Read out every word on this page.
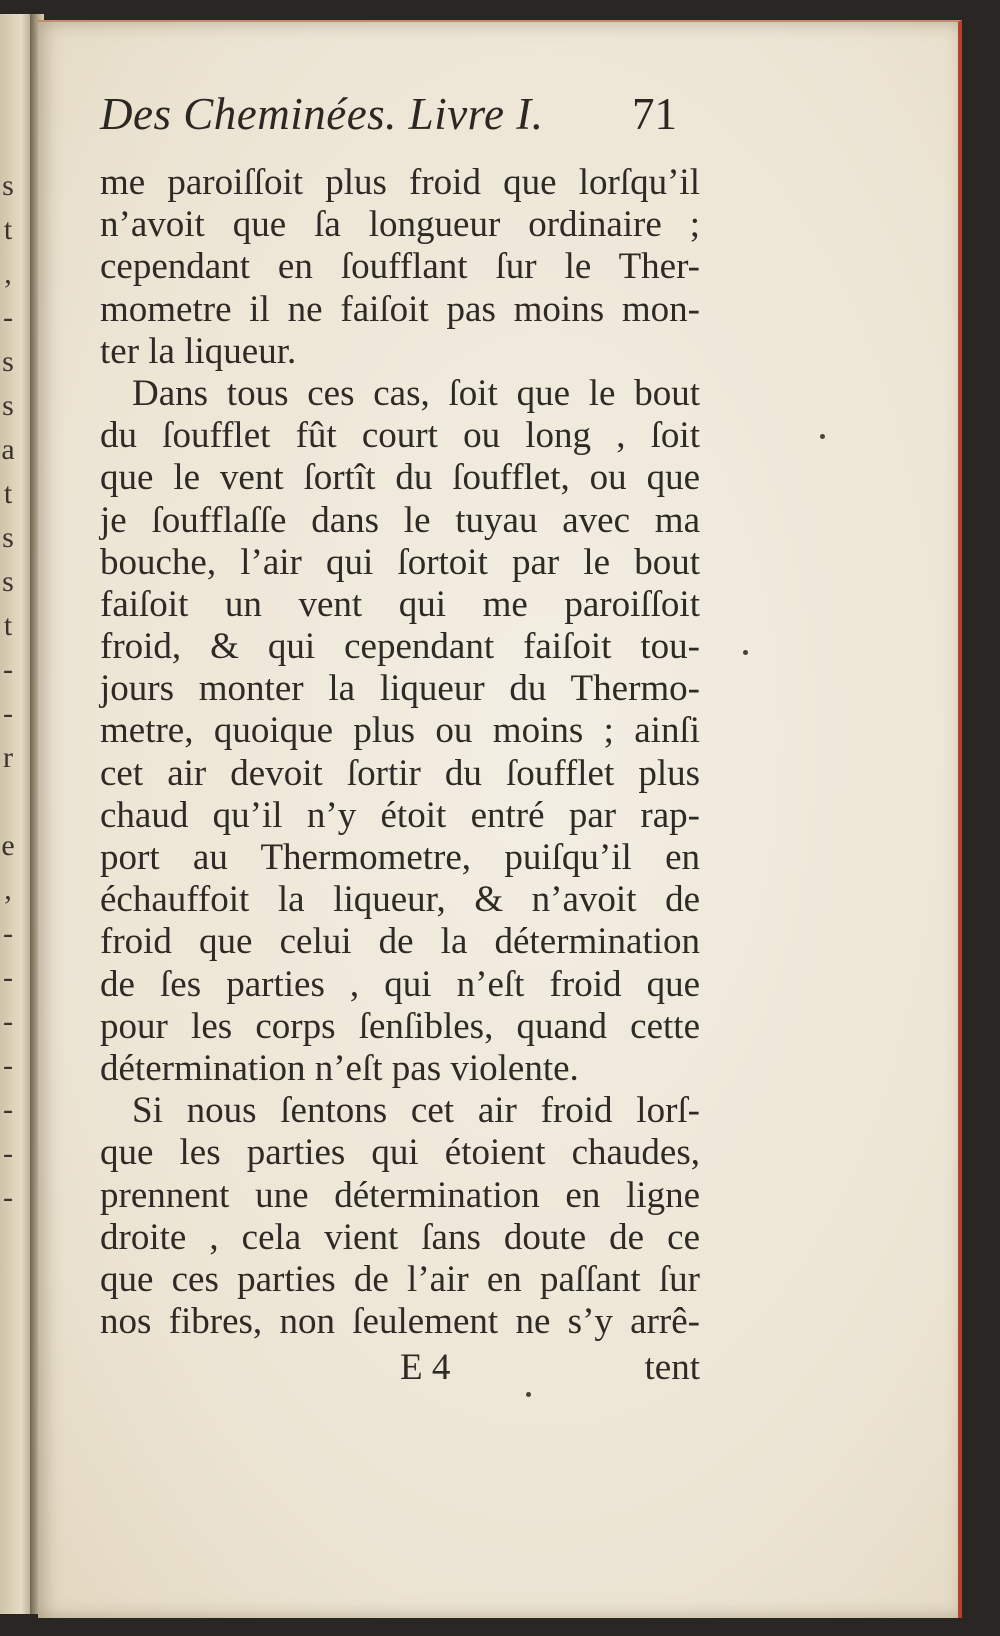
s
t
,
-
s
s
a
t
s
s
t
-
-
r
e
,
-
-
-
-
-
-
-
Des Cheminées. Livre I. 71
me paroiſſoit plus froid que lorſqu’il
n’avoit que ſa longueur ordinaire ;
cependant en ſoufflant ſur le Ther-
mometre il ne faiſoit pas moins mon-
ter la liqueur.
Dans tous ces cas, ſoit que le bout
du ſoufflet fût court ou long , ſoit
que le vent ſortît du ſoufflet, ou que
je ſoufflaſſe dans le tuyau avec ma
bouche, l’air qui ſortoit par le bout
faiſoit un vent qui me paroiſſoit
froid, & qui cependant faiſoit tou-
jours monter la liqueur du Thermo-
metre, quoique plus ou moins ; ainſi
cet air devoit ſortir du ſoufflet plus
chaud qu’il n’y étoit entré par rap-
port au Thermometre, puiſqu’il en
échauffoit la liqueur, & n’avoit de
froid que celui de la détermination
de ſes parties , qui n’eſt froid que
pour les corps ſenſibles, quand cette
détermination n’eſt pas violente.
Si nous ſentons cet air froid lorſ-
que les parties qui étoient chaudes,
prennent une détermination en ligne
droite , cela vient ſans doute de ce
que ces parties de l’air en paſſant ſur
nos fibres, non ſeulement ne s’y arrê-
E 4	tent
